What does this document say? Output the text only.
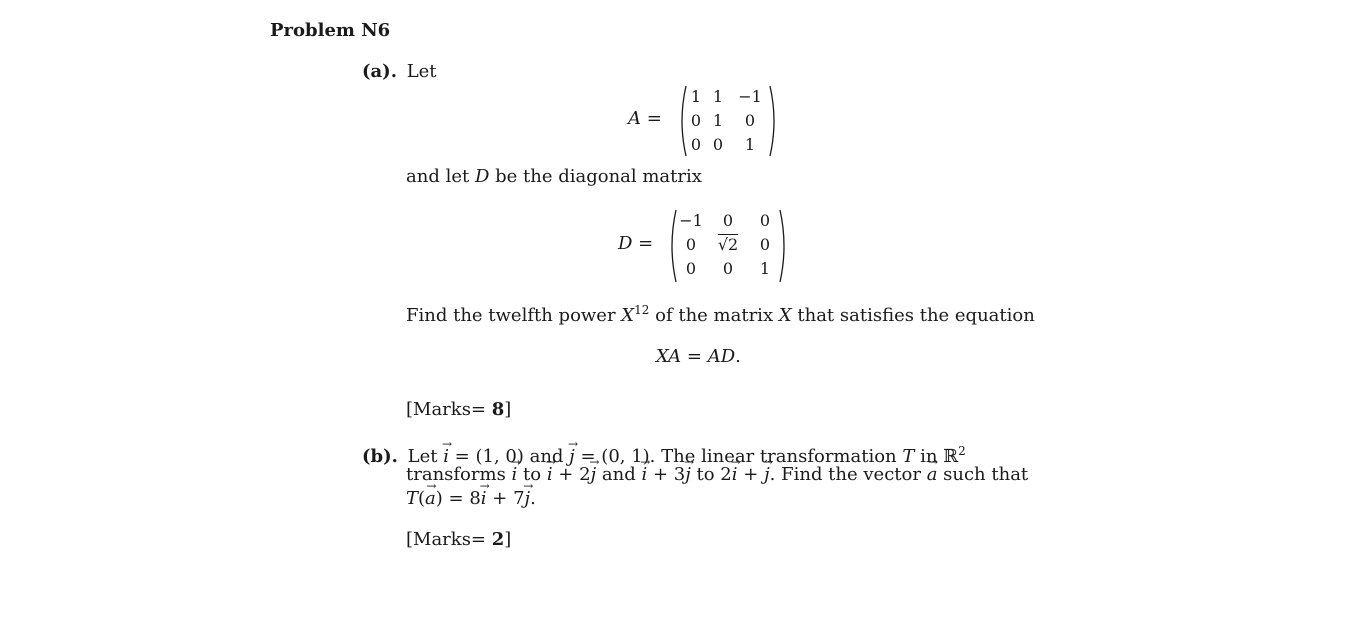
Problem N6
(a). Let
A =
1	1	−1
0	1	0
0	0	1
and let D be the diagonal matrix
D =
−1	0	0
0	√2	0
0	0	1
Find the twelfth power $X^{12}$ of the matrix X that satisfies the equation
XA = AD.
[Marks= 8]
(b). Let → i = (1, 0) and → j = (0, 1). The linear transformation T in ℝ$^2$
transforms → i to → i + 2→ j and → i + 3→ j to 2→ i + → j. Find the vector → a such that
T(→ a) = 8→ i + 7→ j.
[Marks= 2]
